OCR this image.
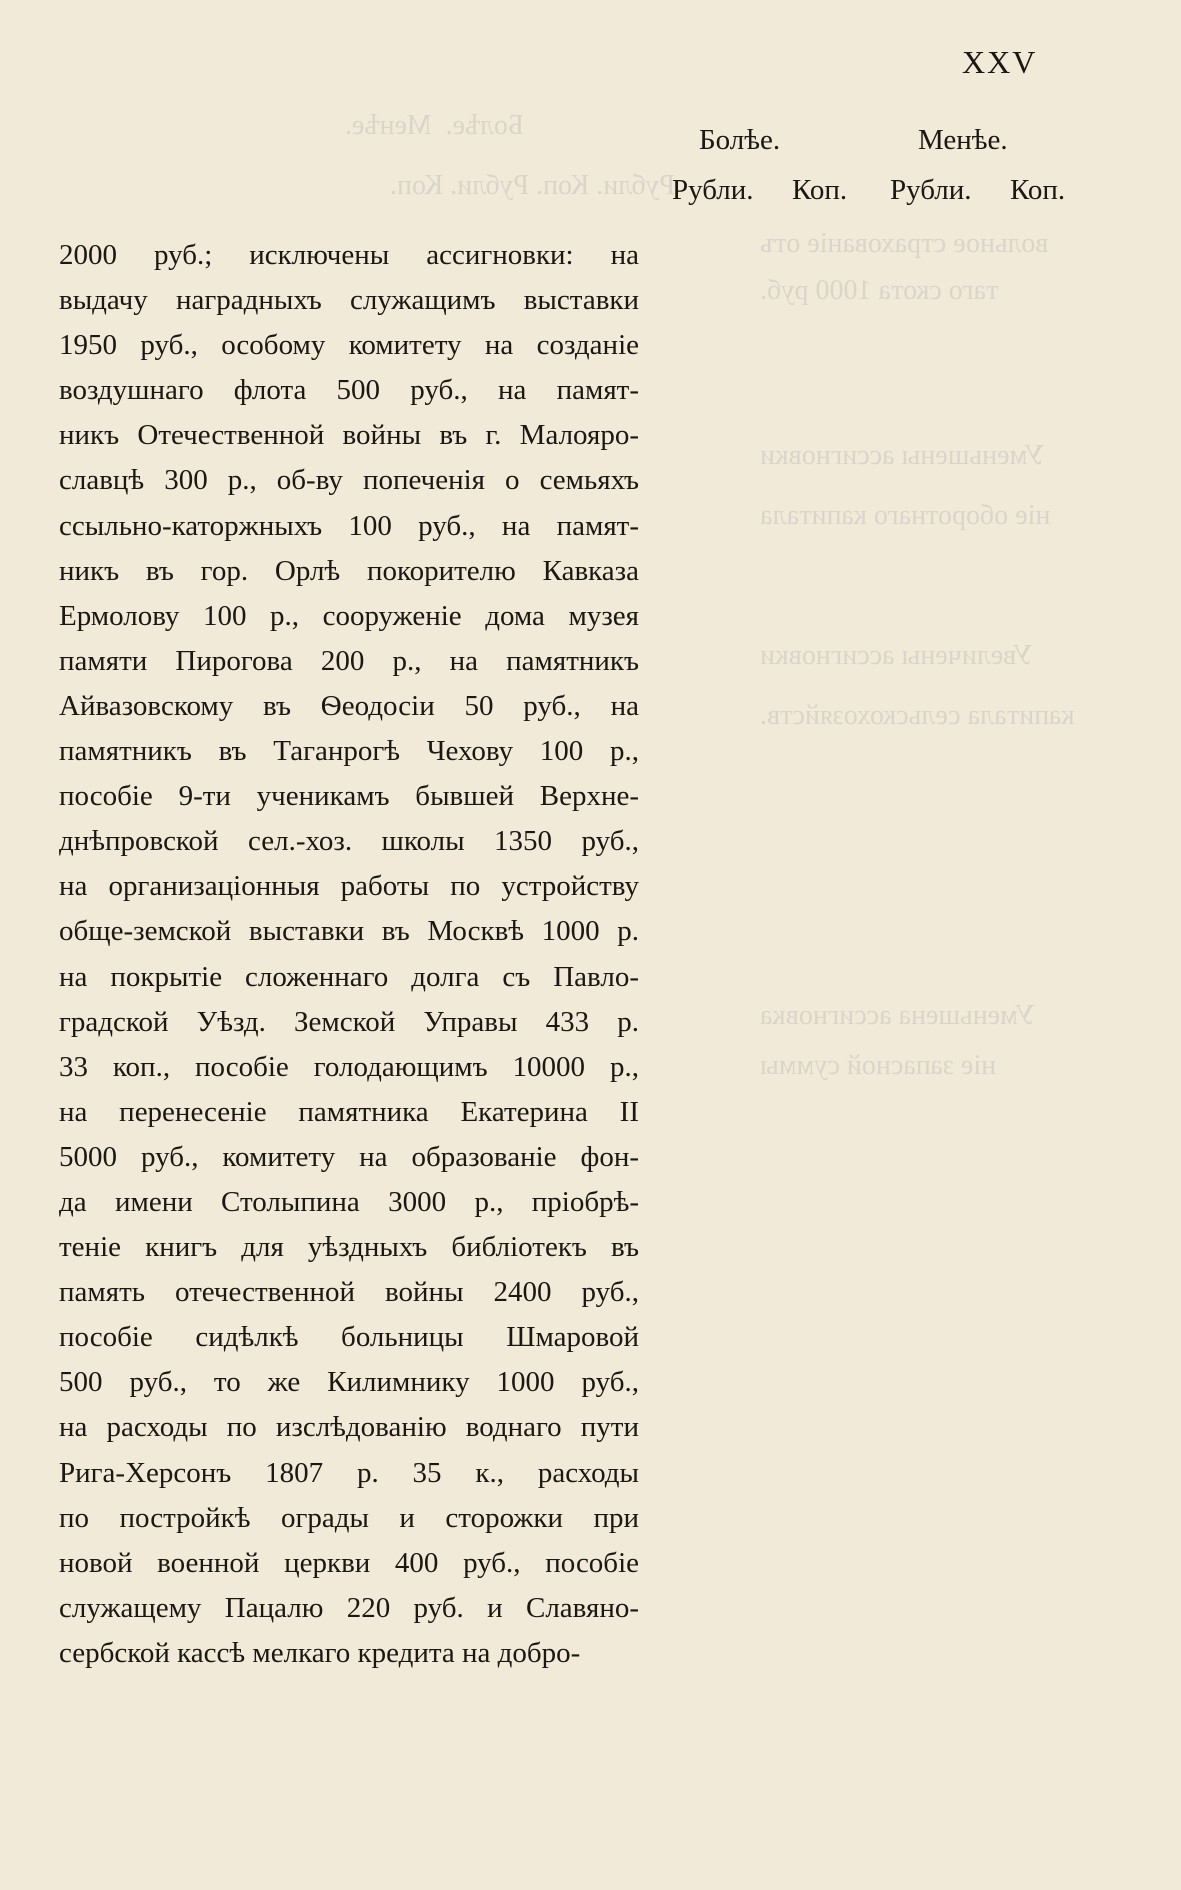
Болѣе.  Менѣе.
Рубли. Коп. Рубли. Коп.
вольное страхованіе отъ
таго скота 1000 руб.
Уменьшены ассигновки
ніе оборотнаго капитала
Увеличены ассигновки
капитала сельскохозяйств.
Уменьшена ассигновка
ніе запасной суммы
XXV
Болѣе.	Менѣе.
Рубли. Коп. Рубли. Коп.
2000 руб.; исключены ассигновки: на
выдачу наградныхъ служащимъ выставки
1950 руб., особому комитету на созданіе
воздушнаго флота 500 руб., на памят-
никъ Отечественной войны въ г. Малояро-
славцѣ 300 р., об-ву попеченія о семьяхъ
ссыльно-каторжныхъ 100 руб., на памят-
никъ въ гор. Орлѣ покорителю Кавказа
Ермолову 100 р., сооруженіе дома музея
памяти Пирогова 200 р., на памятникъ
Айвазовскому въ Ѳеодосіи 50 руб., на
памятникъ въ Таганрогѣ Чехову 100 р.,
пособіе 9-ти ученикамъ бывшей Верхне-
днѣпровской сел.-хоз. школы 1350 руб.,
на организаціонныя работы по устройству
обще-земской выставки въ Москвѣ 1000 р.
на покрытіе сложеннаго долга съ Павло-
градской Уѣзд. Земской Управы 433 р.
33 коп., пособіе голодающимъ 10000 р.,
на перенесеніе памятника Екатерина II
5000 руб., комитету на образованіе фон-
да имени Столыпина 3000 р., пріобрѣ-
теніе книгъ для уѣздныхъ библіотекъ въ
память отечественной войны 2400 руб.,
пособіе сидѣлкѣ больницы Шмаровой
500 руб., то же Килимнику 1000 руб.,
на расходы по изслѣдованію воднаго пути
Рига-Херсонъ 1807 р. 35 к., расходы
по постройкѣ ограды и сторожки при
новой военной церкви 400 руб., пособіе
служащему Пацалю 220 руб. и Славяно-
сербской кассѣ мелкаго кредита на добро-
